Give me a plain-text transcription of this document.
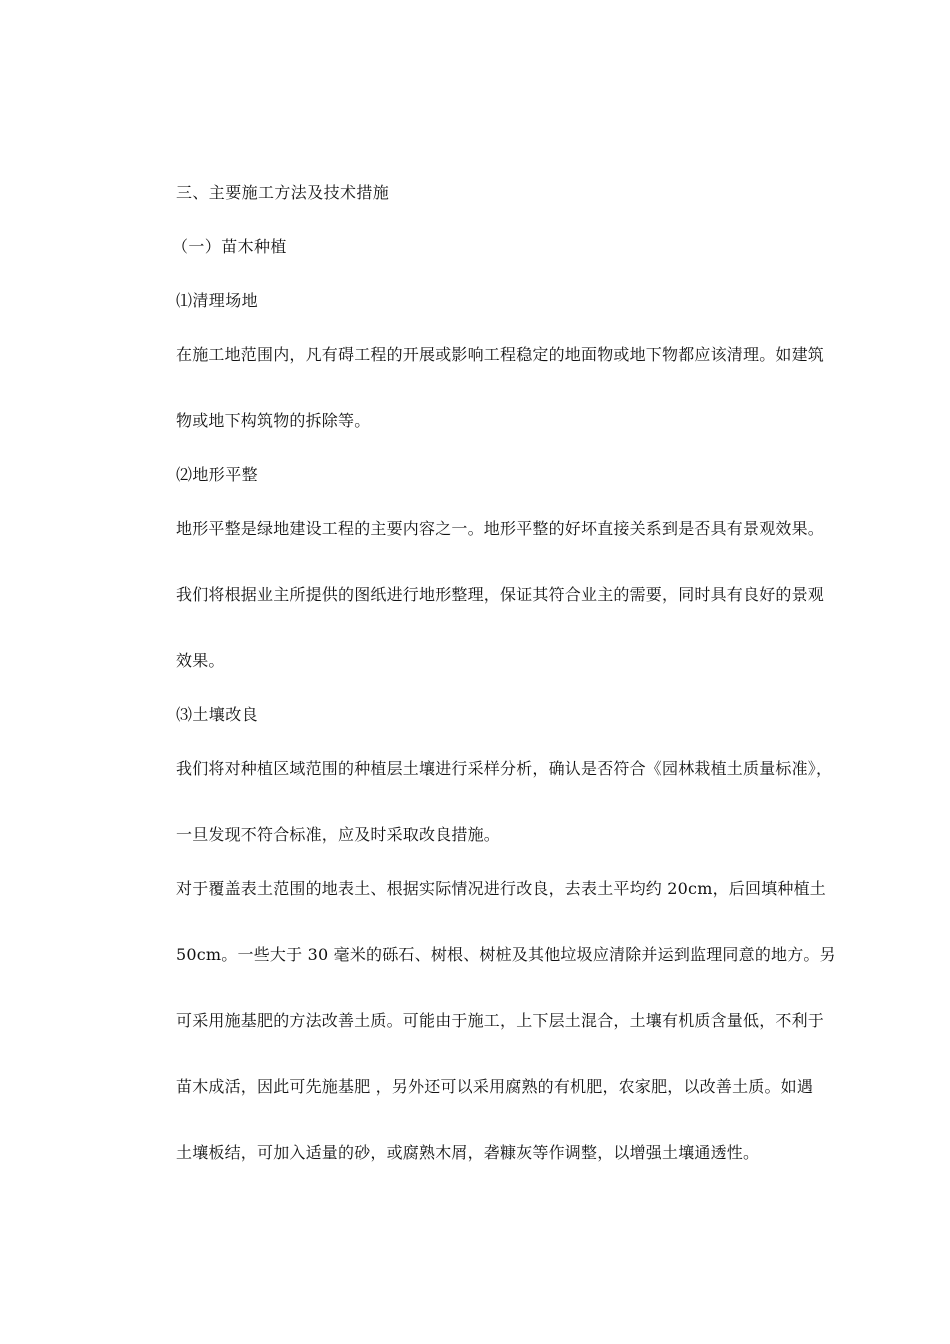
三、主要施工方法及技术措施
（一）苗木种植
⑴清理场地
在施工地范围内，凡有碍工程的开展或影响工程稳定的地面物或地下物都应该清理。如建筑
物或地下构筑物的拆除等。
⑵地形平整
地形平整是绿地建设工程的主要内容之一。地形平整的好坏直接关系到是否具有景观效果。
我们将根据业主所提供的图纸进行地形整理，保证其符合业主的需要，同时具有良好的景观
效果。
⑶土壤改良
我们将对种植区域范围的种植层土壤进行采样分析，确认是否符合《园林栽植土质量标准》，
一旦发现不符合标准，应及时采取改良措施。
对于覆盖表土范围的地表土、根据实际情况进行改良，去表土平均约 20cm，后回填种植土
50cm。一些大于 30 毫米的砾石、树根、树桩及其他垃圾应清除并运到监理同意的地方。另
可采用施基肥的方法改善土质。可能由于施工，上下层土混合，土壤有机质含量低，不利于
苗木成活，因此可先施基肥 ，另外还可以采用腐熟的有机肥，农家肥，以改善土质。如遇
土壤板结，可加入适量的砂，或腐熟木屑，砻糠灰等作调整，以增强土壤通透性。
